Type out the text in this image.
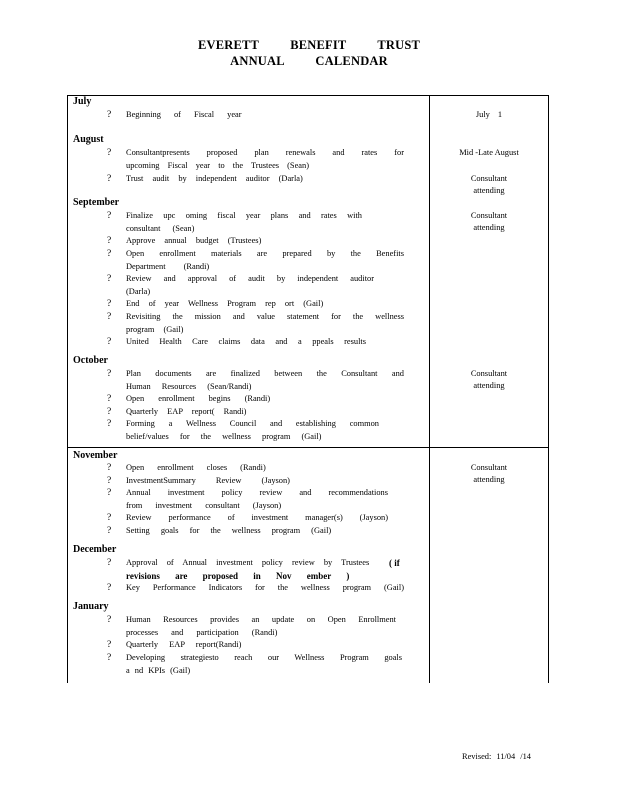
EVERETT BENEFIT TRUST
ANNUAL CALENDAR
July
? Beginning of Fiscal year	July 1
August
? Consultantpresents proposed plan renewals and rates for
upcoming Fiscal year to the Trustees (Sean)
? Trust audit by independent auditor (Darla)
Mid -Late August
Consultant attending
September
? Finalize upc oming fiscal year plans and rates with
consultant (Sean)
? Approve annual budget (Trustees)
? Open enrollment materials are prepared by the Benefits
Department (Randi)
? Review and approval of audit by independent auditor
(Darla)
? End of year Wellness Program rep ort (Gail)
? Revisiting the mission and value statement for the wellness
program (Gail)
? United Health Care claims data and a ppeals results
Consultant attending
October
? Plan documents are finalized between the Consultant and
Human Resources (Sean/Randi)
? Open enrollment begins (Randi)
? Quarterly EAP report( Randi)
? Forming a Wellness Council and establishing common
belief/values for the wellness program (Gail)
Consultant attending
November
? Open enrollment closes (Randi)
? InvestmentSummary Review (Jayson)
? Annual investment policy review and recommendations
from investment consultant (Jayson)
? Review performance of investment manager(s) (Jayson)
? Setting goals for the wellness program (Gail)
Consultant attending
December
? Approval of Annual investment policy review by Trustees	( if
revisions are proposed in Nov ember )
? Key Performance Indicators for the wellness program (Gail)
January
? Human Resources provides an update on Open Enrollment
processes and participation (Randi)
? Quarterly EAP report(Randi)
? Developing strategiesto reach our Wellness Program goals
a nd KPIs (Gail)
Revised: 11/04 /14
